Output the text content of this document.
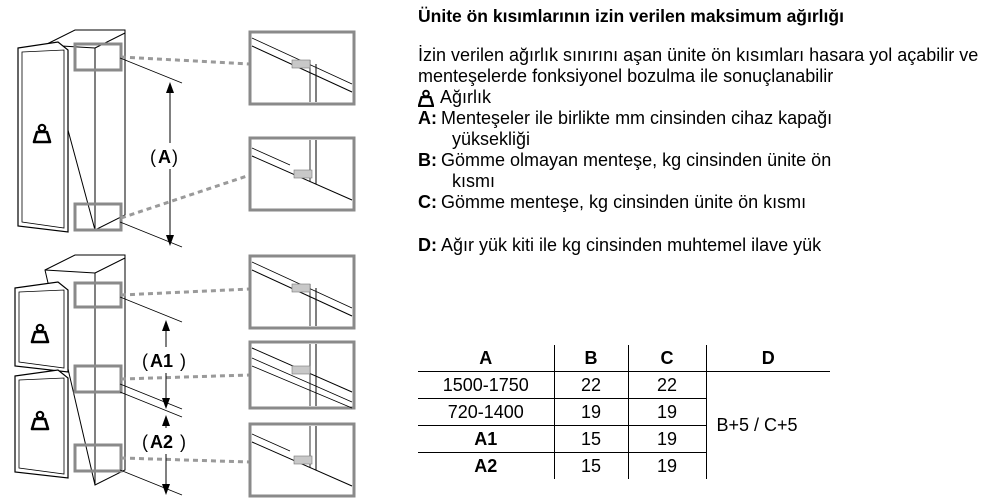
( A )
( A1 )
( A2 )
Ünite ön kısımlarının izin verilen maksimum ağırlığı

İzin verilen ağırlık sınırını aşan ünite ön kısımları hasara yol açabilir ve menteşelerde fonksiyonel bozulma ile sonuçlanabilir

Ağırlık
A: Menteşeler ile birlikte mm cinsinden cihaz kapağı
yüksekliği
B: Gömme olmayan menteşe, kg cinsinden ünite ön
kısmı
C: Gömme menteşe, kg cinsinden ünite ön kısmı
D: Ağır yük kiti ile kg cinsinden muhtemel ilave yük
A	B	C	D
1500-1750	22	22	B+5 / C+5
720-1400	19	19	
A1	15	19	
A2	15	19	
